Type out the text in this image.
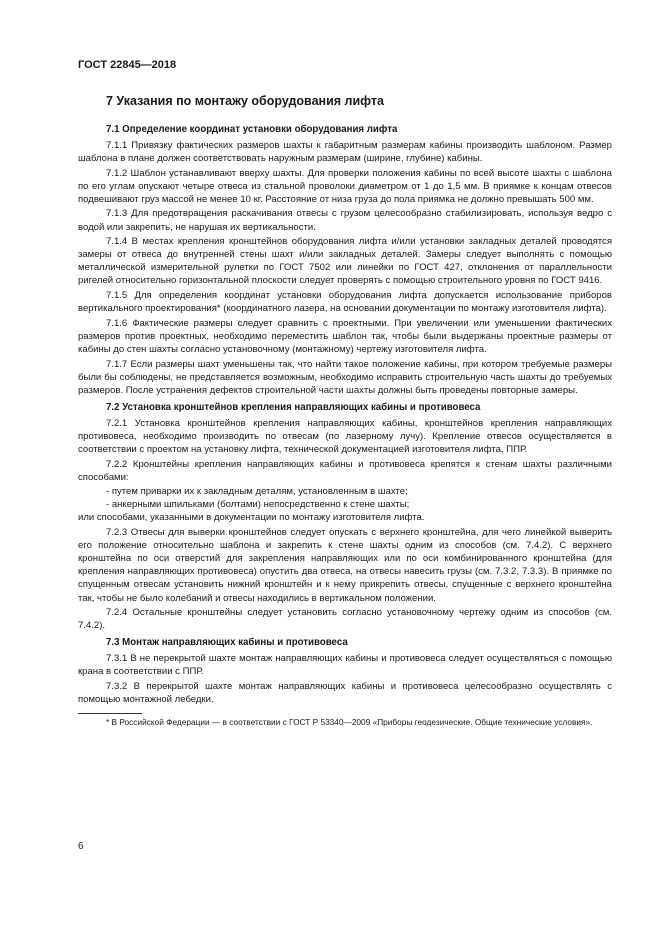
ГОСТ 22845—2018
7 Указания по монтажу оборудования лифта
7.1 Определение координат установки оборудования лифта

7.1.1 Привязку фактических размеров шахты к габаритным размерам кабины производить шаблоном. Размер шаблона в плане должен соответствовать наружным размерам (ширине, глубине) кабины.

7.1.2 Шаблон устанавливают вверху шахты. Для проверки положения кабины по всей высоте шахты с шаблона по его углам опускают четыре отвеса из стальной проволоки диаметром от 1 до 1,5 мм. В приямке к концам отвесов подвешивают груз массой не менее 10 кг. Расстояние от низа груза до пола приямка не должно превышать 500 мм.

7.1.3 Для предотвращения раскачивания отвесы с грузом целесообразно стабилизировать, используя ведро с водой или закрепить, не нарушая их вертикальности.

7.1.4 В местах крепления кронштейнов оборудования лифта и/или установки закладных деталей проводятся замеры от отвеса до внутренней стены шахт и/или закладных деталей. Замеры следует выполнять с помощью металлической измерительной рулетки по ГОСТ 7502 или линейки по ГОСТ 427, отклонения от параллельности ригелей относительно горизонтальной плоскости следует проверять с помощью строительного уровня по ГОСТ 9416.

7.1.5 Для определения координат установки оборудования лифта допускается использование приборов вертикального проектирования* (координатного лазера, на основании документации по монтажу изготовителя лифта).

7.1.6 Фактические размеры следует сравнить с проектными. При увеличении или уменьшении фактических размеров против проектных, необходимо переместить шаблон так, чтобы были выдержаны проектные размеры от кабины до стен шахты согласно установочному (монтажному) чертежу изготовителя лифта.

7.1.7 Если размеры шахт уменьшены так, что найти такое положение кабины, при котором требуемые размеры были бы соблюдены, не представляется возможным, необходимо исправить строительную часть шахты до требуемых размеров. После устранения дефектов строительной части шахты должны быть проведены повторные замеры.

7.2 Установка кронштейнов крепления направляющих кабины и противовеса

7.2.1 Установка кронштейнов крепления направляющих кабины, кронштейнов крепления направляющих противовеса, необходимо производить по отвесам (по лазерному лучу). Крепление отвесов осуществляется в соответствии с проектом на установку лифта, технической документацией изготовителя лифта, ППР.

7.2.2 Кронштейны крепления направляющих кабины и противовеса крепятся к стенам шахты различными способами:

- путем приварки их к закладным деталям, установленным в шахте;

- анкерными шпильками (болтами) непосредственно к стене шахты;

или способами, указанными в документации по монтажу изготовителя лифта.

7.2.3 Отвесы для выверки кронштейнов следует опускать с верхнего кронштейна, для чего линейкой выверить его положение относительно шаблона и закрепить к стене шахты одним из способов (см. 7.4.2). С верхнего кронштейна по оси отверстий для закрепления направляющих или по оси комбинированного кронштейна (для крепления направляющих противовеса) опустить два отвеса, на отвесы навесить грузы (см. 7.3.2, 7.3.3). В приямке по спущенным отвесам установить нижний кронштейн и к нему прикрепить отвесы, спущенные с верхнего кронштейна так, чтобы не было колебаний и отвесы находились в вертикальном положении.

7.2.4 Остальные кронштейны следует установить согласно установочному чертежу одним из способов (см. 7.4.2).

7.3 Монтаж направляющих кабины и противовеса

7.3.1 В не перекрытой шахте монтаж направляющих кабины и противовеса следует осуществляться с помощью крана в соответствии с ППР.

7.3.2 В перекрытой шахте монтаж направляющих кабины и противовеса целесообразно осуществлять с помощью монтажной лебедки.

* В Российской Федерации — в соответствии с ГОСТ Р 53340—2009 «Приборы геодезические. Общие технические условия».

6
